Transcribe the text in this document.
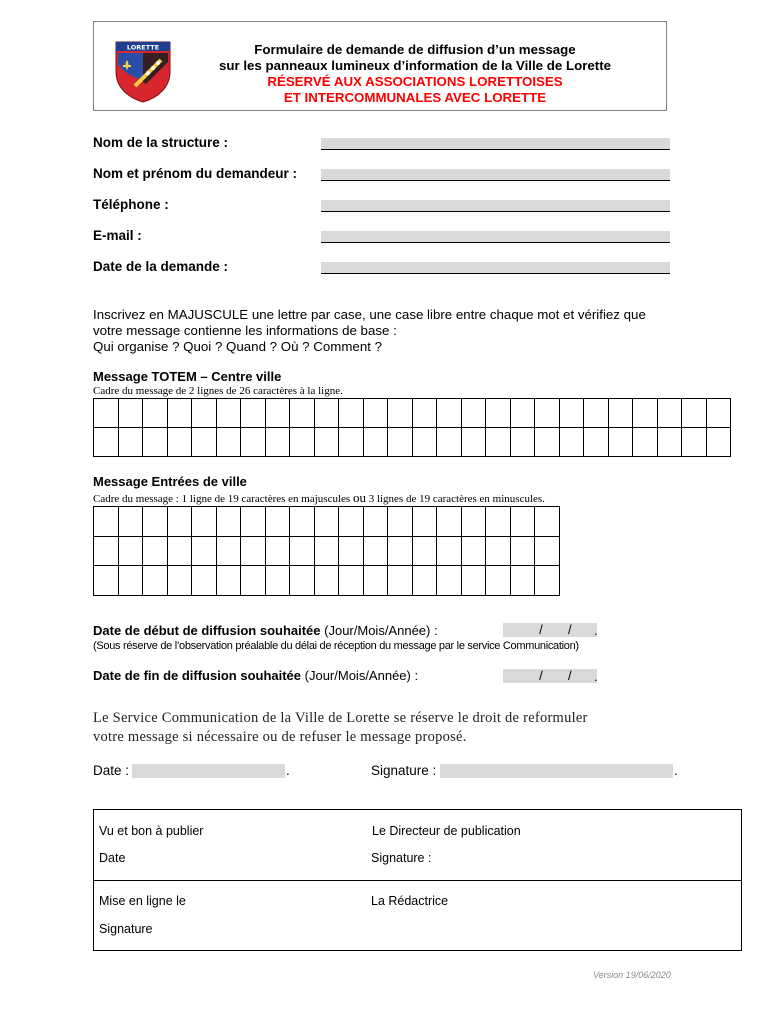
LORETTE	Formulaire de demande de diffusion d’un message
sur les panneaux lumineux d’information de la Ville de Lorette
RÉSERVÉ AUX ASSOCIATIONS LORETTOISES
ET INTERCOMMUNALES AVEC LORETTE
Nom de la structure :
Nom et prénom du demandeur :
Téléphone :
E-mail :
Date de la demande :
Inscrivez en MAJUSCULE une lettre par case, une case libre entre chaque mot et vérifiez que
votre message contienne les informations de base :
Qui organise ? Quoi ? Quand ? Où ? Comment ?
Message TOTEM – Centre ville
Cadre du message de 2 lignes de 26 caractères à la ligne.

Message Entrées de ville
Cadre du message : 1 ligne de 19 caractères en majuscules ou 3 lignes de 19 caractères en minuscules.

Date de début de diffusion souhaitée (Jour/Mois/Année) :	/       /	.
(Sous réserve de l’observation préalable du délai de réception du message par le service Communication)
Date de fin de diffusion souhaitée (Jour/Mois/Année) :	/       /	.
Le Service Communication de la Ville de Lorette se réserve le droit de reformuler
votre message si nécessaire ou de refuser le message proposé.
Date :	.	Signature :	.
Vu et bon à publier	Le Directeur de publication
Date	Signature :
Mise en ligne le	La Rédactrice
Signature
Version 19/06/2020
